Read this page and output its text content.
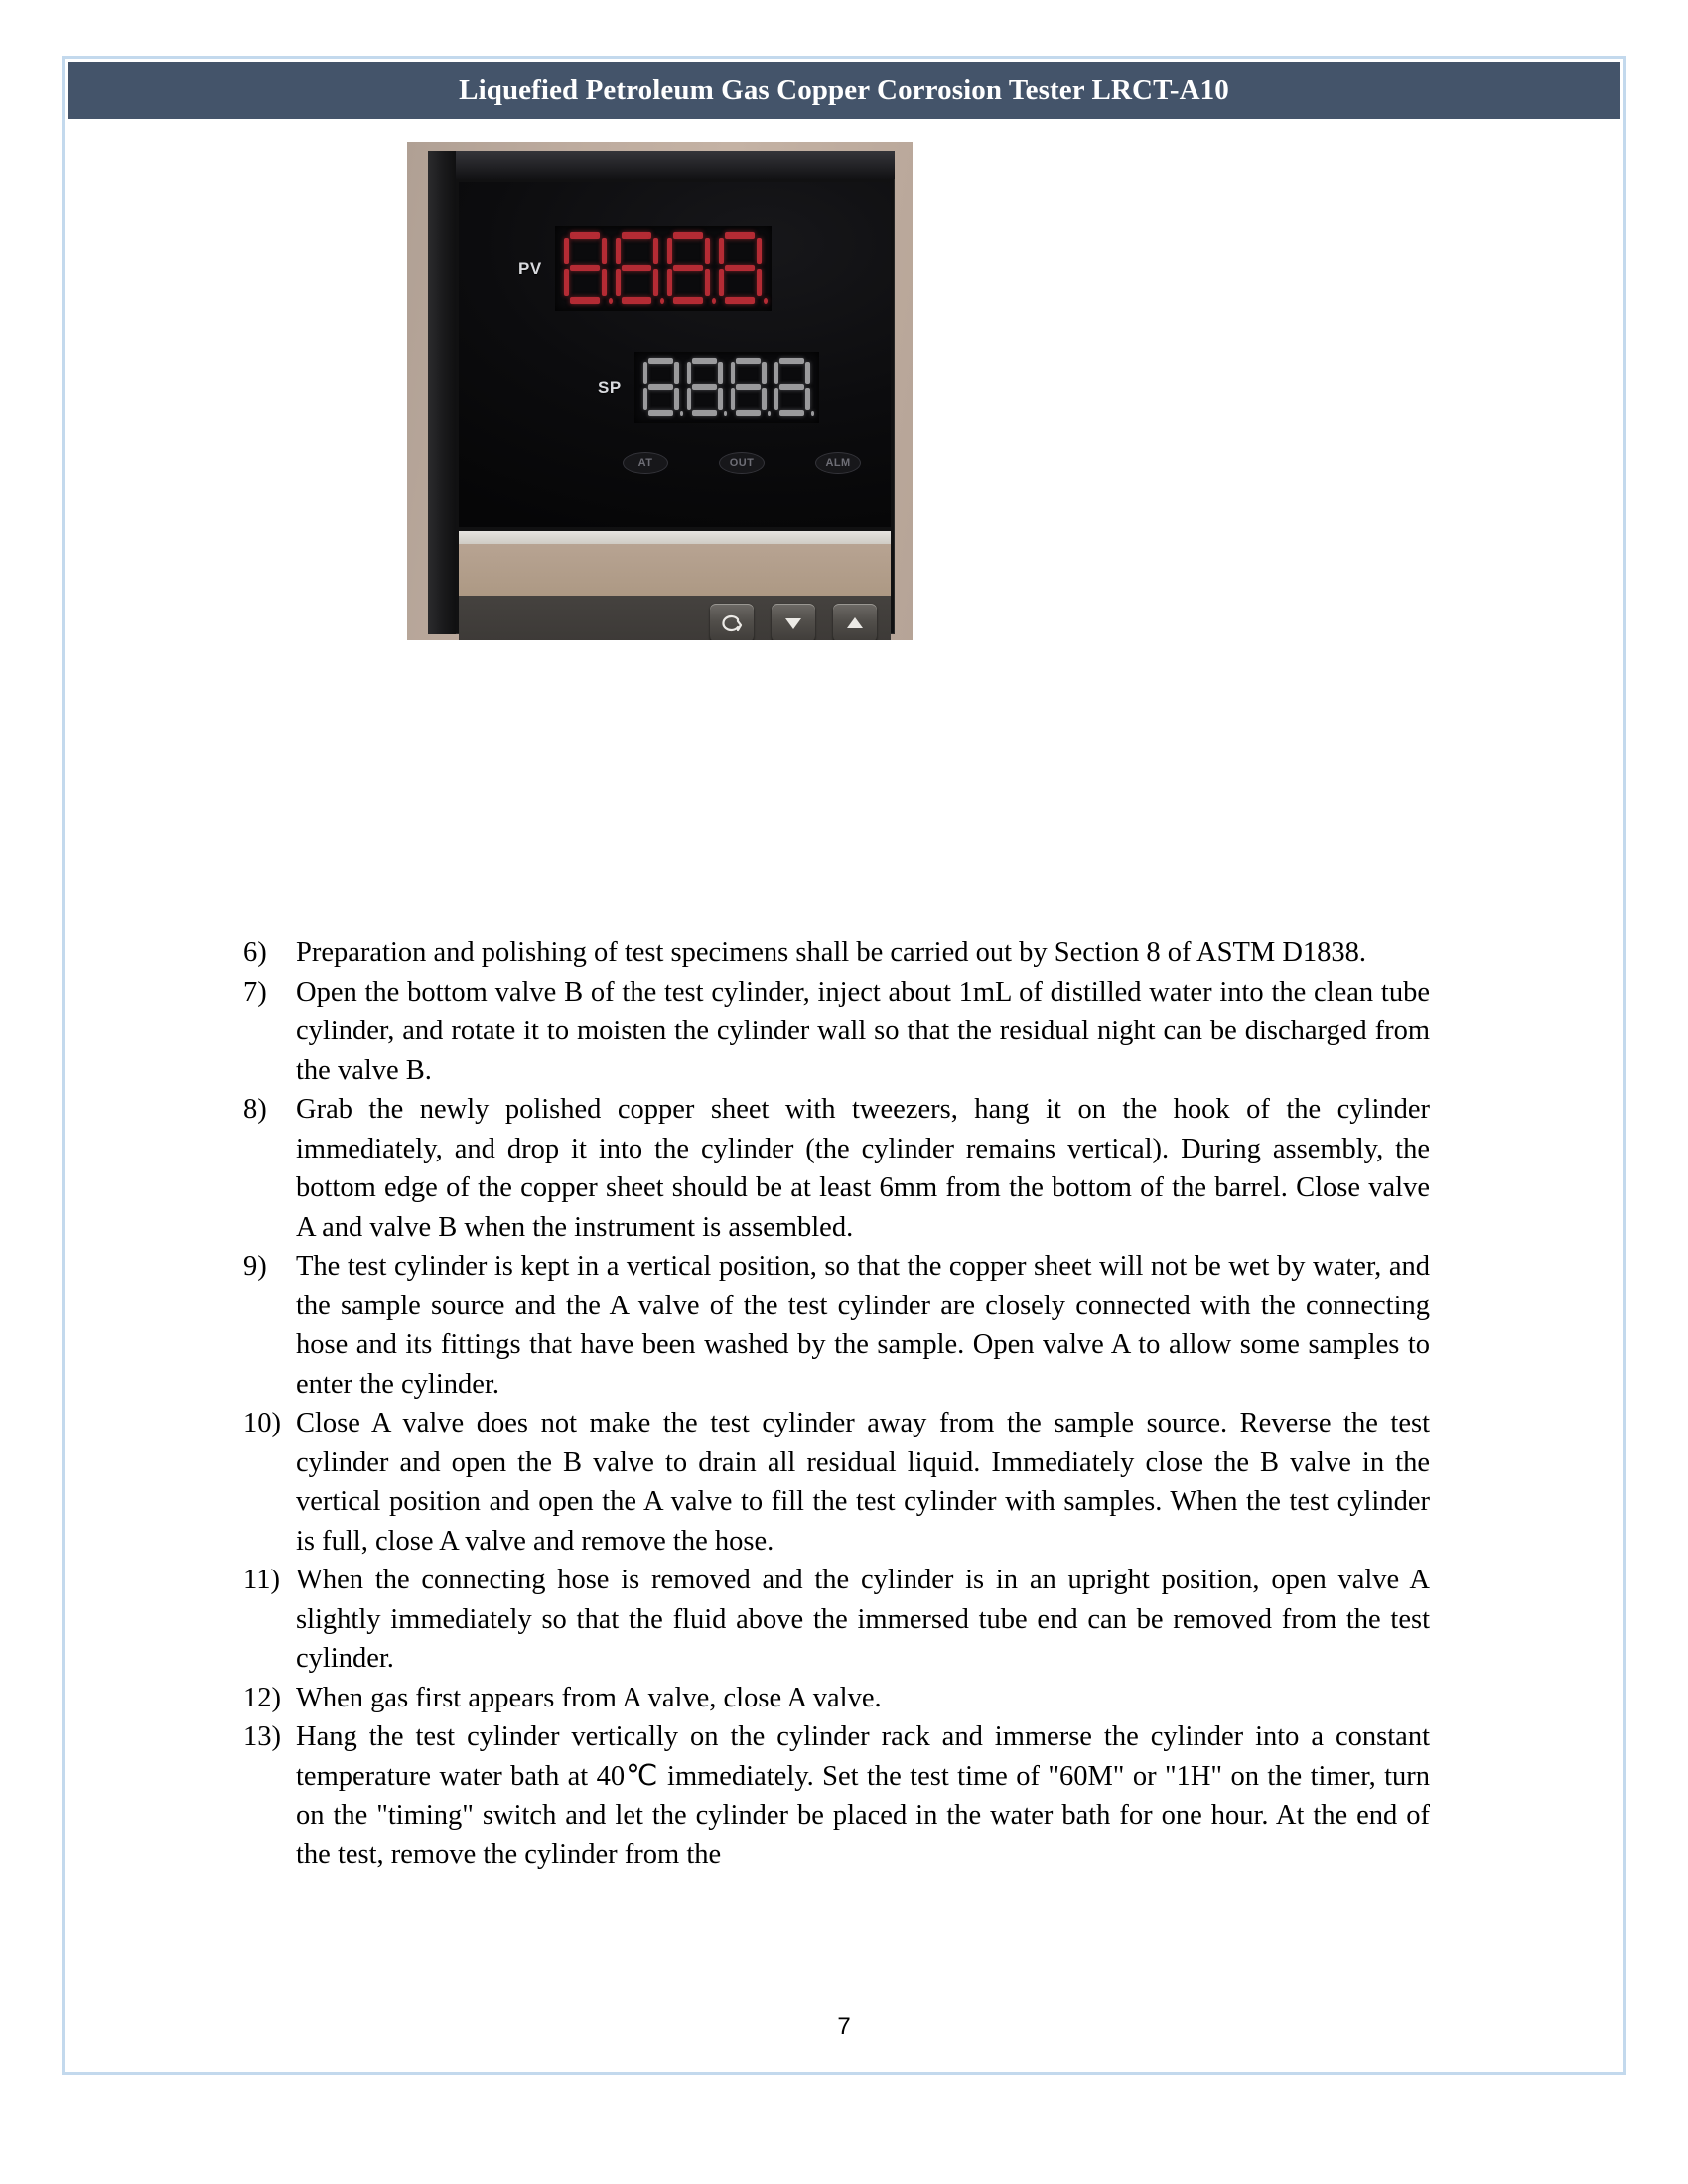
Liquefied Petroleum Gas Copper Corrosion Tester LRCT-A10
PV
SP
AT	OUT	ALM
6)	Preparation and polishing of test specimens shall be carried out by Section 8 of ASTM D1838.
7)	Open the bottom valve B of the test cylinder, inject about 1mL of distilled water into the clean tube cylinder, and rotate it to moisten the cylinder wall so that the residual night can be discharged from the valve B.
8)	Grab the newly polished copper sheet with tweezers, hang it on the hook of the cylinder immediately, and drop it into the cylinder (the cylinder remains vertical). During assembly, the bottom edge of the copper sheet should be at least 6mm from the bottom of the barrel. Close valve A and valve B when the instrument is assembled.
9)	The test cylinder is kept in a vertical position, so that the copper sheet will not be wet by water, and the sample source and the A valve of the test cylinder are closely connected with the connecting hose and its fittings that have been washed by the sample. Open valve A to allow some samples to enter the cylinder.
10) Close A valve does not make the test cylinder away from the sample source. Reverse the test cylinder and open the B valve to drain all residual liquid. Immediately close the B valve in the vertical position and open the A valve to fill the test cylinder with samples. When the test cylinder is full, close A valve and remove the hose.
11) When the connecting hose is removed and the cylinder is in an upright position, open valve A slightly immediately so that the fluid above the immersed tube end can be removed from the test cylinder.
12) When gas first appears from A valve, close A valve.
13) Hang the test cylinder vertically on the cylinder rack and immerse the cylinder into a constant temperature water bath at 40℃ immediately. Set the test time of "60M" or "1H" on the timer, turn on the "timing" switch and let the cylinder be placed in the water bath for one hour. At the end of the test, remove the cylinder from the
7
